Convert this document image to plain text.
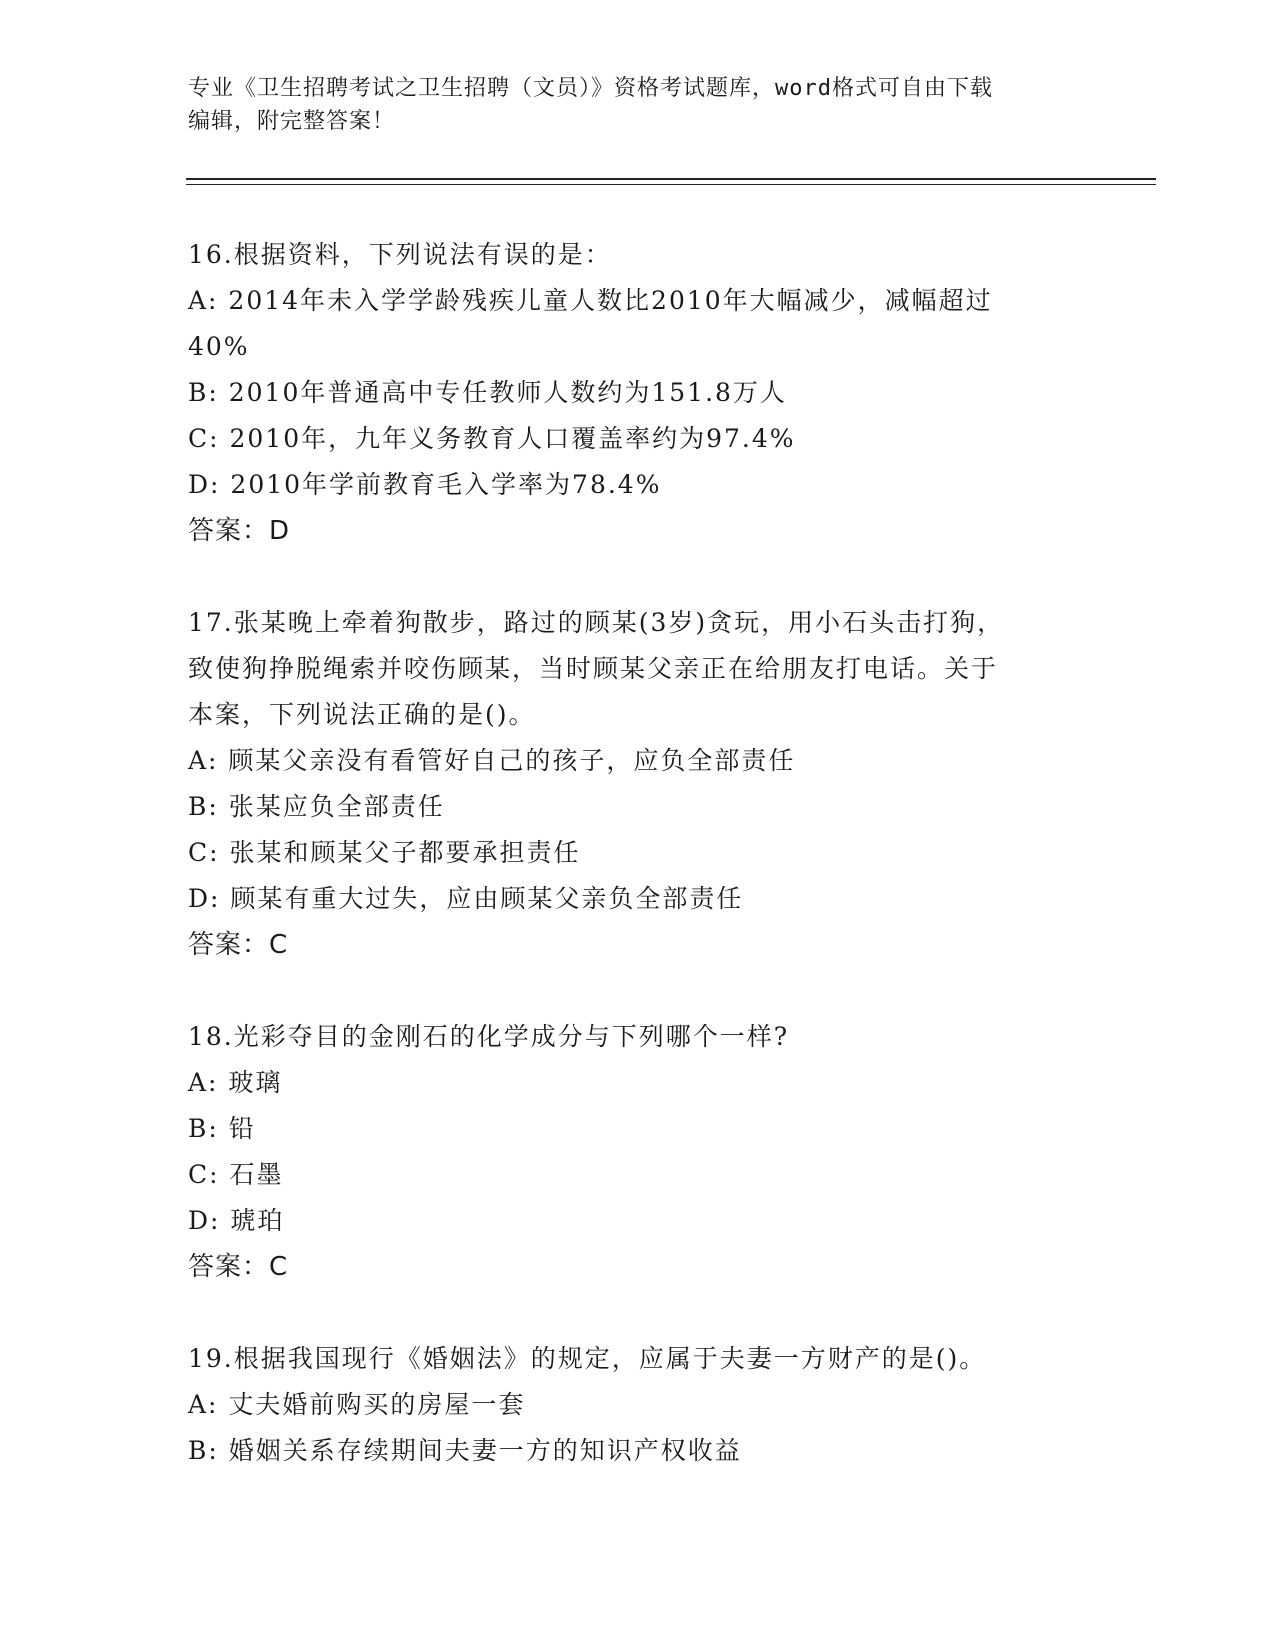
专业《卫生招聘考试之卫生招聘（文员）》资格考试题库，word格式可自由下载
编辑，附完整答案！
16.根据资料，下列说法有误的是：
A: 2014年未入学学龄残疾儿童人数比2010年大幅减少，减幅超过
40%
B: 2010年普通高中专任教师人数约为151.8万人
C: 2010年，九年义务教育人口覆盖率约为97.4%
D: 2010年学前教育毛入学率为78.4%
答案：D
17.张某晚上牵着狗散步，路过的顾某(3岁)贪玩，用小石头击打狗，
致使狗挣脱绳索并咬伤顾某，当时顾某父亲正在给朋友打电话。关于
本案，下列说法正确的是()。
A: 顾某父亲没有看管好自己的孩子，应负全部责任
B: 张某应负全部责任
C: 张某和顾某父子都要承担责任
D: 顾某有重大过失，应由顾某父亲负全部责任
答案：C
18.光彩夺目的金刚石的化学成分与下列哪个一样?
A: 玻璃
B: 铅
C: 石墨
D: 琥珀
答案：C
19.根据我国现行《婚姻法》的规定，应属于夫妻一方财产的是()。
A: 丈夫婚前购买的房屋一套
B: 婚姻关系存续期间夫妻一方的知识产权收益
